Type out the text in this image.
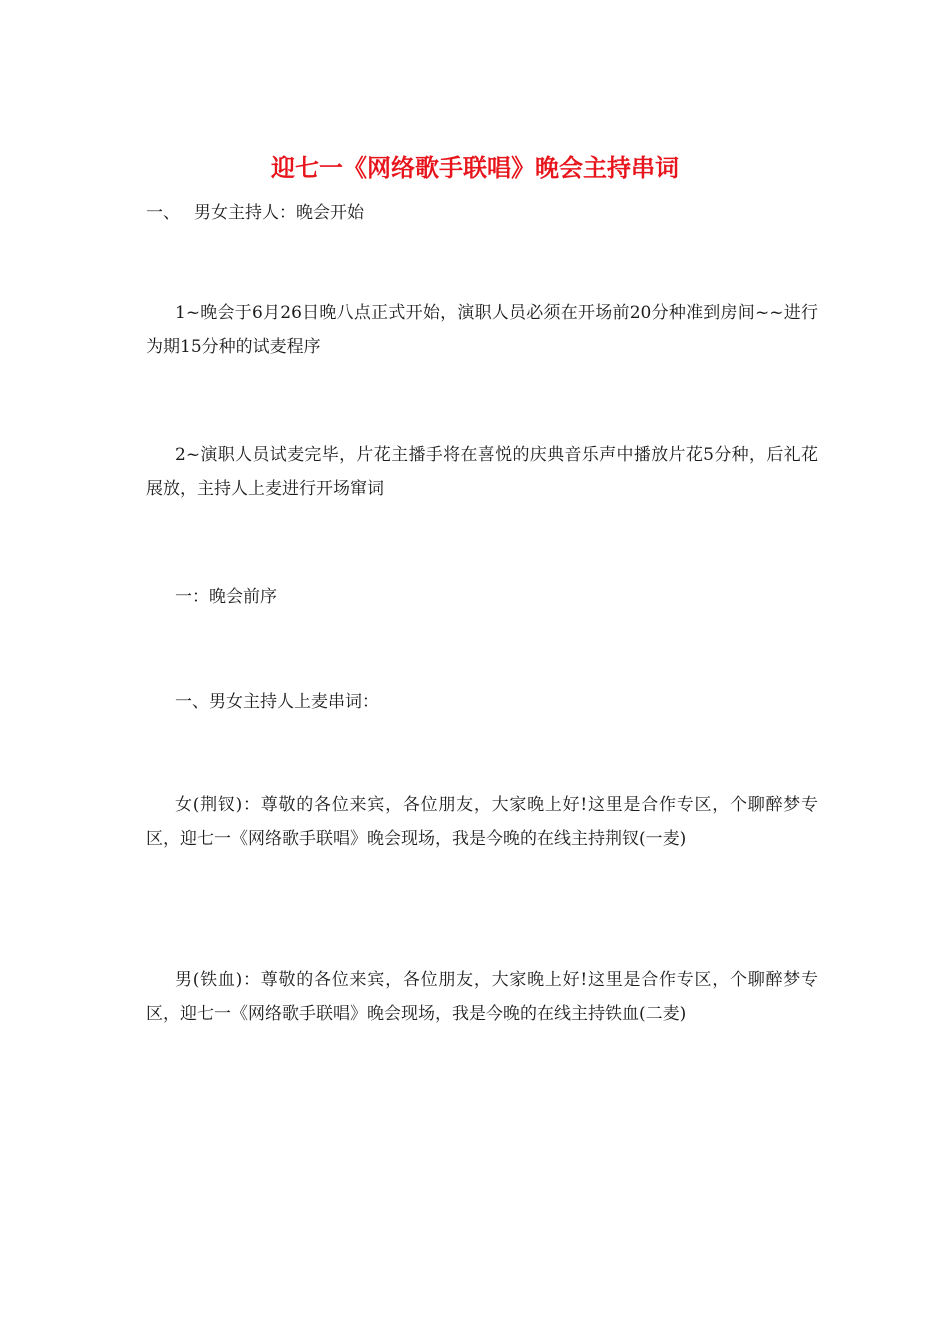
迎七一《网络歌手联唱》晚会主持串词
一、 男女主持人：晚会开始

1~晚会于6月26日晚八点正式开始，演职人员必须在开场前20分种准到房间~~进行为期15分种的试麦程序

2~演职人员试麦完毕，片花主播手将在喜悦的庆典音乐声中播放片花5分种，后礼花展放，主持人上麦进行开场窜词

一：晚会前序

一、男女主持人上麦串词：

女(荆钗)：尊敬的各位来宾，各位朋友，大家晚上好!这里是合作专区，个聊醉梦专区，迎七一《网络歌手联唱》晚会现场，我是今晚的在线主持荆钗(一麦)

男(铁血)：尊敬的各位来宾，各位朋友，大家晚上好!这里是合作专区，个聊醉梦专区，迎七一《网络歌手联唱》晚会现场，我是今晚的在线主持铁血(二麦)
